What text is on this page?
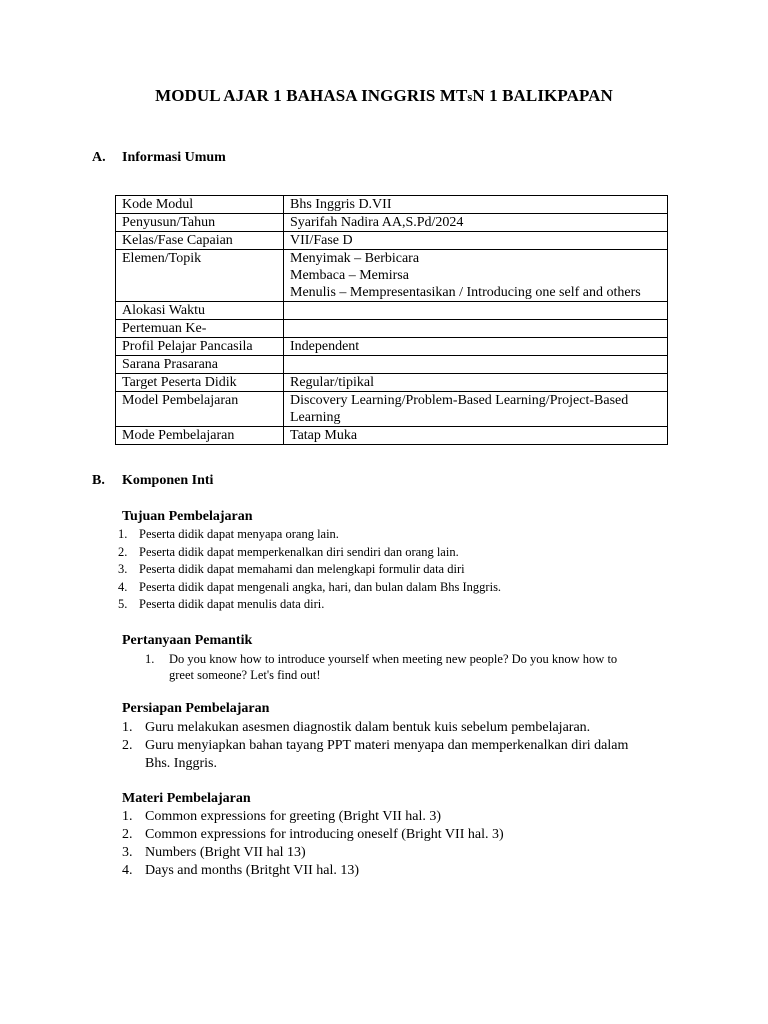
MODUL AJAR 1 BAHASA INGGRIS MTsN 1 BALIKPAPAN
A. Informasi Umum
Kode Modul	Bhs Inggris D.VII

Penyusun/Tahun	Syarifah Nadira AA,S.Pd/2024

Kelas/Fase Capaian	VII/Fase D

Elemen/Topik	Menyimak – Berbicara
Membaca – Memirsa
Menulis – Mempresentasikan / Introducing one self and others

Alokasi Waktu	

Pertemuan Ke-	

Profil Pelajar Pancasila	Independent

Sarana Prasarana	

Target Peserta Didik	Regular/tipikal

Model Pembelajaran	Discovery Learning/Problem-Based Learning/Project-Based Learning

Mode Pembelajaran	Tatap Muka
B. Komponen Inti
Tujuan Pembelajaran
1. Peserta didik dapat menyapa orang lain.
2. Peserta didik dapat memperkenalkan diri sendiri dan orang lain.
3. Peserta didik dapat memahami dan melengkapi formulir data diri
4. Peserta didik dapat mengenali angka, hari, dan bulan dalam Bhs Inggris.
5. Peserta didik dapat menulis data diri.
Pertanyaan Pemantik
1. Do you know how to introduce yourself when meeting new people? Do you know how to greet someone? Let's find out!
Persiapan Pembelajaran
1. Guru melakukan asesmen diagnostik dalam bentuk kuis sebelum pembelajaran.
2. Guru menyiapkan bahan tayang PPT materi menyapa dan memperkenalkan diri dalam Bhs. Inggris.
Materi Pembelajaran
1. Common expressions for greeting (Bright VII hal. 3)
2. Common expressions for introducing oneself (Bright VII hal. 3)
3. Numbers (Bright VII hal 13)
4. Days and months (Britght VII hal. 13)
